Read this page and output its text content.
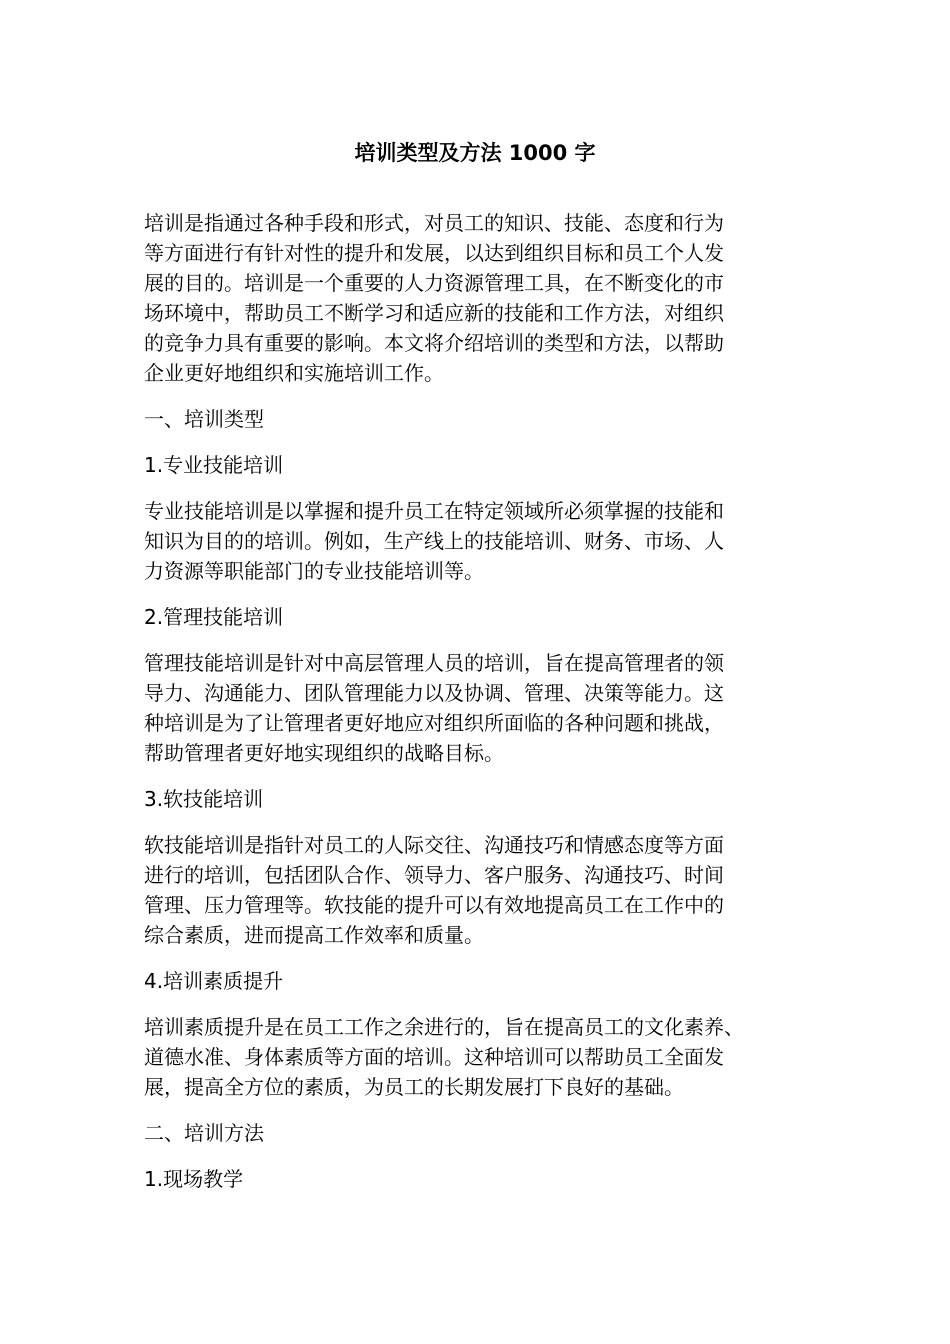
培训类型及方法 1000 字
培训是指通过各种手段和形式，对员工的知识、技能、态度和行为
等方面进行有针对性的提升和发展，以达到组织目标和员工个人发
展的目的。培训是一个重要的人力资源管理工具，在不断变化的市
场环境中，帮助员工不断学习和适应新的技能和工作方法，对组织
的竞争力具有重要的影响。本文将介绍培训的类型和方法，以帮助
企业更好地组织和实施培训工作。
一、培训类型
1.专业技能培训
专业技能培训是以掌握和提升员工在特定领域所必须掌握的技能和
知识为目的的培训。例如，生产线上的技能培训、财务、市场、人
力资源等职能部门的专业技能培训等。
2.管理技能培训
管理技能培训是针对中高层管理人员的培训，旨在提高管理者的领
导力、沟通能力、团队管理能力以及协调、管理、决策等能力。这
种培训是为了让管理者更好地应对组织所面临的各种问题和挑战，
帮助管理者更好地实现组织的战略目标。
3.软技能培训
软技能培训是指针对员工的人际交往、沟通技巧和情感态度等方面
进行的培训，包括团队合作、领导力、客户服务、沟通技巧、时间
管理、压力管理等。软技能的提升可以有效地提高员工在工作中的
综合素质，进而提高工作效率和质量。
4.培训素质提升
培训素质提升是在员工工作之余进行的，旨在提高员工的文化素养、
道德水准、身体素质等方面的培训。这种培训可以帮助员工全面发
展，提高全方位的素质，为员工的长期发展打下良好的基础。
二、培训方法
1.现场教学
